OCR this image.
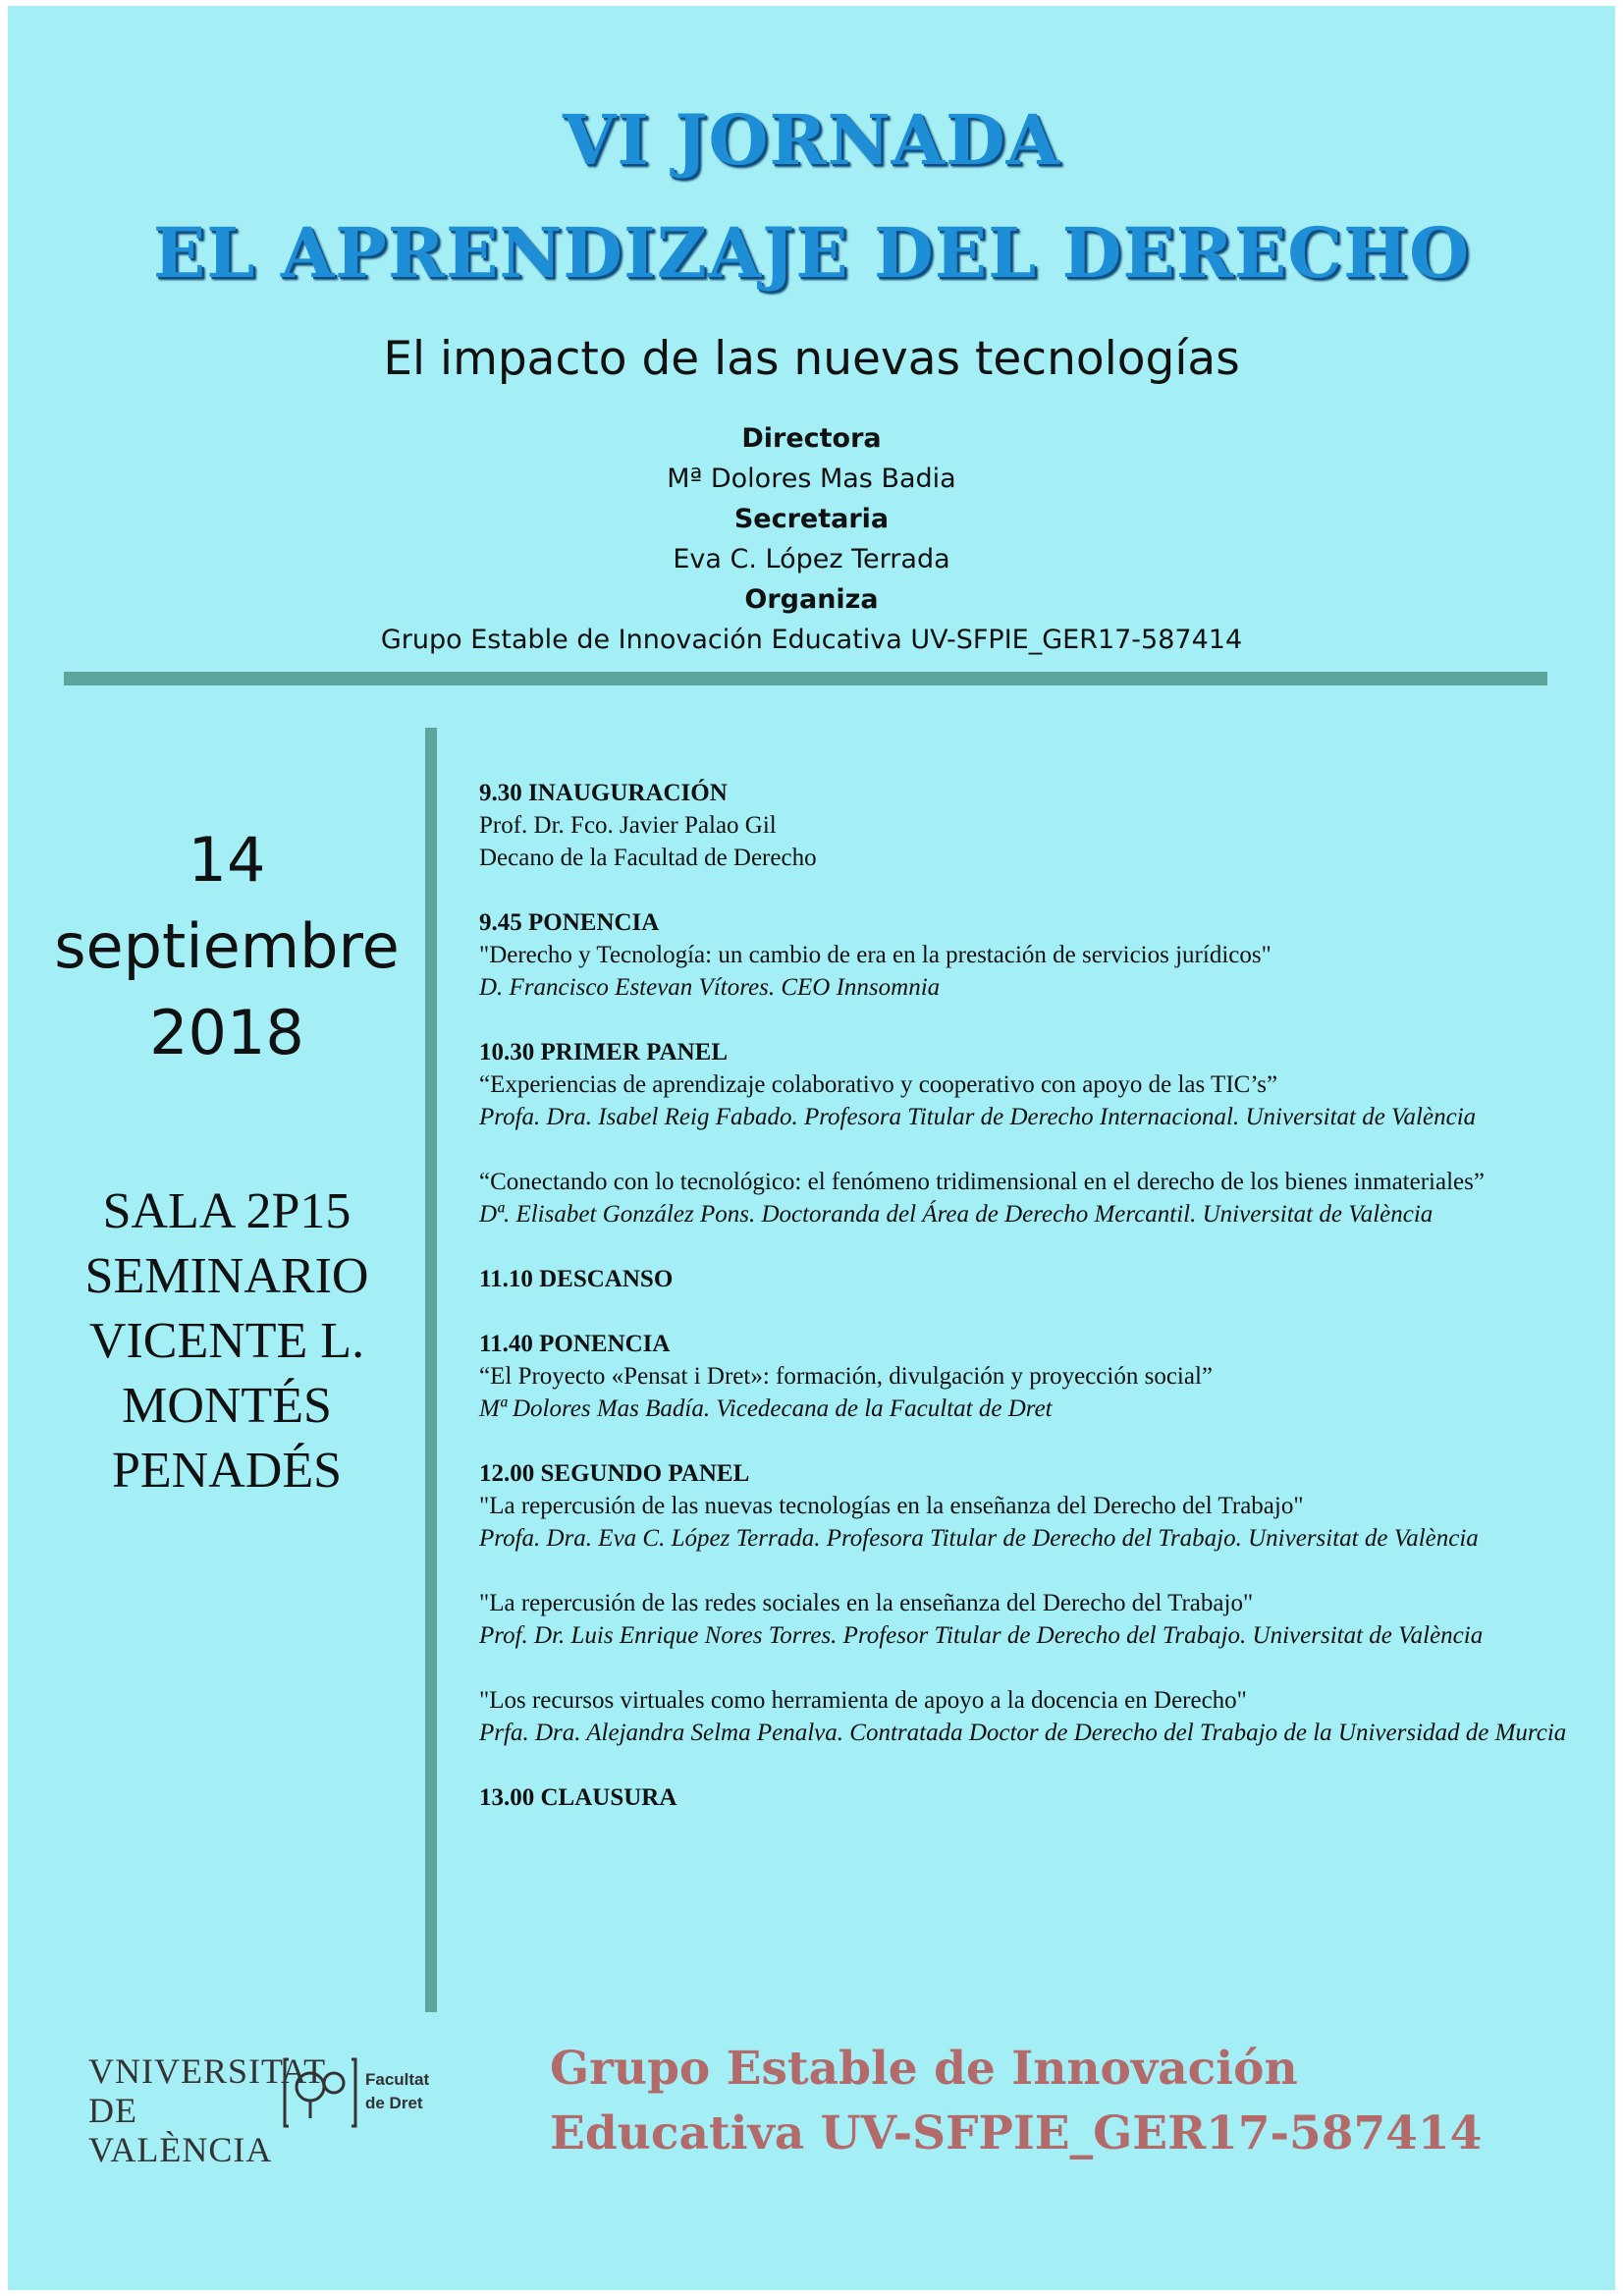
VI JORNADA
EL APRENDIZAJE DEL DERECHO
El impacto de las nuevas tecnologías
Directora
Mª Dolores Mas Badia
Secretaria
Eva C. López Terrada
Organiza
Grupo Estable de Innovación Educativa UV-SFPIE_GER17-587414
14
septiembre
2018
SALA 2P15
SEMINARIO
VICENTE L.
MONTÉS
PENADÉS
9.30 INAUGURACIÓN
Prof. Dr. Fco. Javier Palao Gil
Decano de la Facultad de Derecho
9.45 PONENCIA
"Derecho y Tecnología: un cambio de era en la prestación de servicios jurídicos"
D. Francisco Estevan Vítores. CEO Innsomnia
10.30 PRIMER PANEL
“Experiencias de aprendizaje colaborativo y cooperativo con apoyo de las TIC’s”
Profa. Dra. Isabel Reig Fabado. Profesora Titular de Derecho Internacional. Universitat de València
“Conectando con lo tecnológico: el fenómeno tridimensional en el derecho de los bienes inmateriales”
Dª. Elisabet González Pons. Doctoranda del Área de Derecho Mercantil. Universitat de València
11.10 DESCANSO
11.40 PONENCIA
“El Proyecto «Pensat i Dret»: formación, divulgación y proyección social”
Mª Dolores Mas Badía. Vicedecana de la Facultat de Dret
12.00 SEGUNDO PANEL
"La repercusión de las nuevas tecnologías en la enseñanza del Derecho del Trabajo"
Profa. Dra. Eva C. López Terrada. Profesora Titular de Derecho del Trabajo. Universitat de València
"La repercusión de las redes sociales en la enseñanza del Derecho del Trabajo"
Prof. Dr. Luis Enrique Nores Torres. Profesor Titular de Derecho del Trabajo. Universitat de València
"Los recursos virtuales como herramienta de apoyo a la docencia en Derecho"
Prfa. Dra. Alejandra Selma Penalva. Contratada Doctor de Derecho del Trabajo de la Universidad de Murcia
13.00 CLAUSURA
VNIVERSITAT
DE VALÈNCIA
Facultat
de Dret
Grupo Estable de Innovación
Educativa UV-SFPIE_GER17-587414
